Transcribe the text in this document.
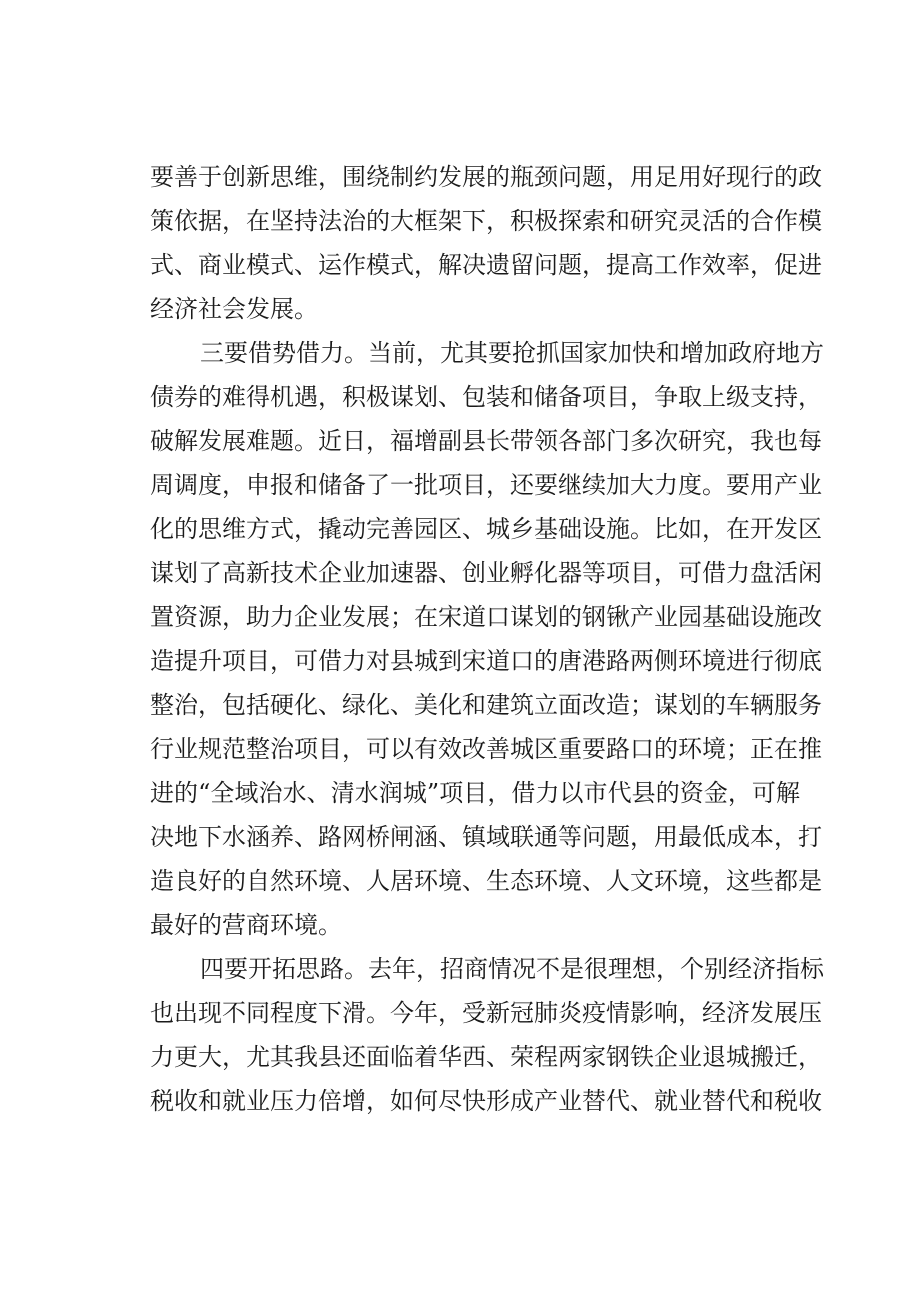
要善于创新思维，围绕制约发展的瓶颈问题，用足用好现行的政
策依据，在坚持法治的大框架下，积极探索和研究灵活的合作模
式、商业模式、运作模式，解决遗留问题，提高工作效率，促进
经济社会发展。
三要借势借力。当前，尤其要抢抓国家加快和增加政府地方
债券的难得机遇，积极谋划、包装和储备项目，争取上级支持，
破解发展难题。近日，福增副县长带领各部门多次研究，我也每
周调度，申报和储备了一批项目，还要继续加大力度。要用产业
化的思维方式，撬动完善园区、城乡基础设施。比如，在开发区
谋划了高新技术企业加速器、创业孵化器等项目，可借力盘活闲
置资源，助力企业发展；在宋道口谋划的钢锹产业园基础设施改
造提升项目，可借力对县城到宋道口的唐港路两侧环境进行彻底
整治，包括硬化、绿化、美化和建筑立面改造；谋划的车辆服务
行业规范整治项目，可以有效改善城区重要路口的环境；正在推
进的“全域治水、清水润城”项目，借力以市代县的资金，可解
决地下水涵养、路网桥闸涵、镇域联通等问题，用最低成本，打
造良好的自然环境、人居环境、生态环境、人文环境，这些都是
最好的营商环境。
四要开拓思路。去年，招商情况不是很理想，个别经济指标
也出现不同程度下滑。今年，受新冠肺炎疫情影响，经济发展压
力更大，尤其我县还面临着华西、荣程两家钢铁企业退城搬迁，
税收和就业压力倍增，如何尽快形成产业替代、就业替代和税收
